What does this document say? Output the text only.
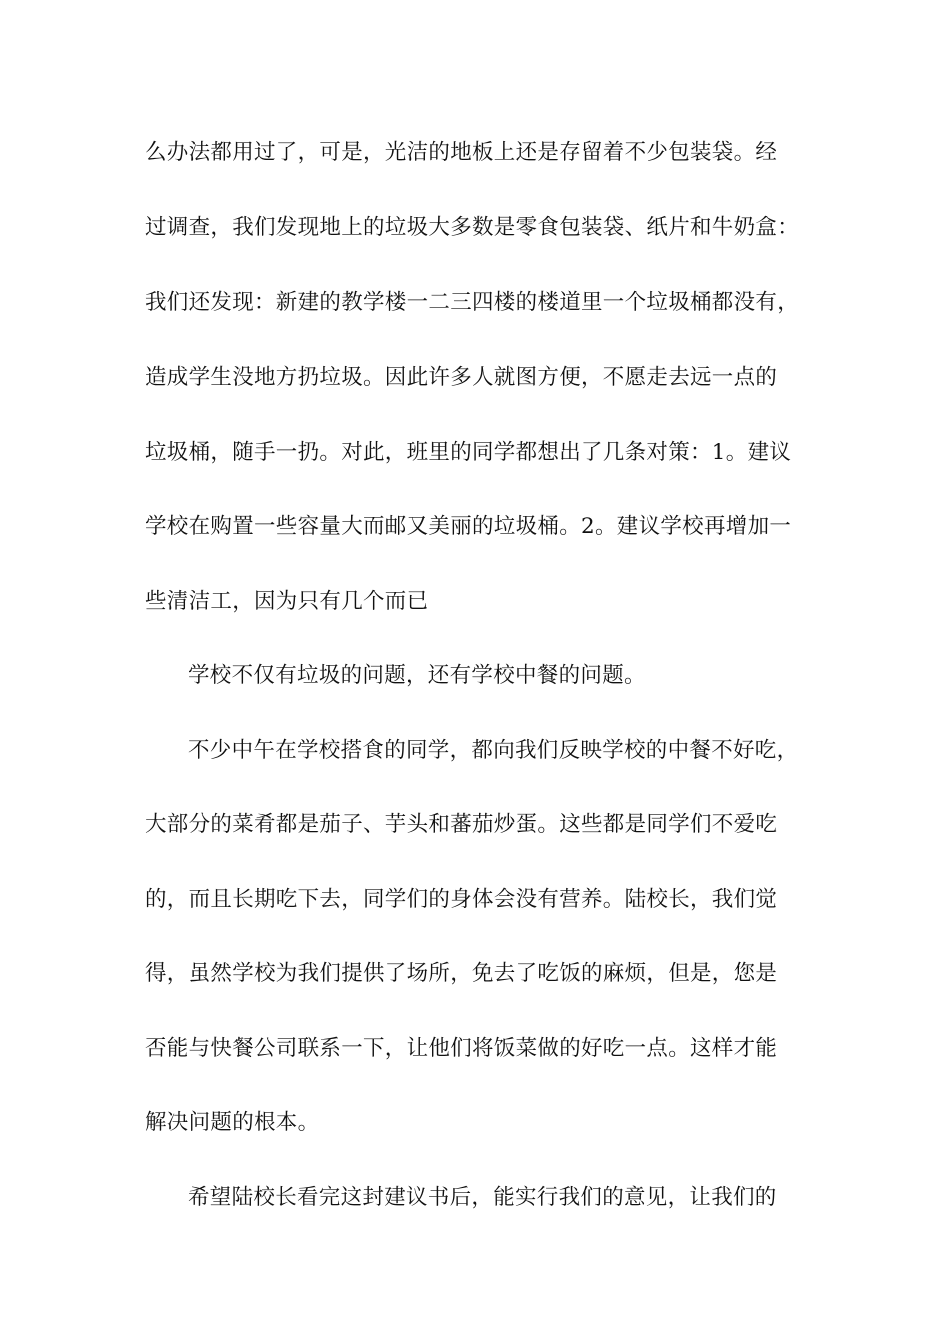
么办法都用过了，可是，光洁的地板上还是存留着不少包装袋。经

过调查，我们发现地上的垃圾大多数是零食包装袋、纸片和牛奶盒：

我们还发现：新建的教学楼一二三四楼的楼道里一个垃圾桶都没有，

造成学生没地方扔垃圾。因此许多人就图方便，不愿走去远一点的

垃圾桶，随手一扔。对此，班里的同学都想出了几条对策：1。建议

学校在购置一些容量大而邮又美丽的垃圾桶。2。建议学校再增加一

些清洁工，因为只有几个而已

学校不仅有垃圾的问题，还有学校中餐的问题。

不少中午在学校搭食的同学，都向我们反映学校的中餐不好吃，

大部分的菜肴都是茄子、芋头和蕃茄炒蛋。这些都是同学们不爱吃

的，而且长期吃下去，同学们的身体会没有营养。陆校长，我们觉

得，虽然学校为我们提供了场所，免去了吃饭的麻烦，但是，您是

否能与快餐公司联系一下，让他们将饭菜做的好吃一点。这样才能

解决问题的根本。

希望陆校长看完这封建议书后，能实行我们的意见，让我们的
